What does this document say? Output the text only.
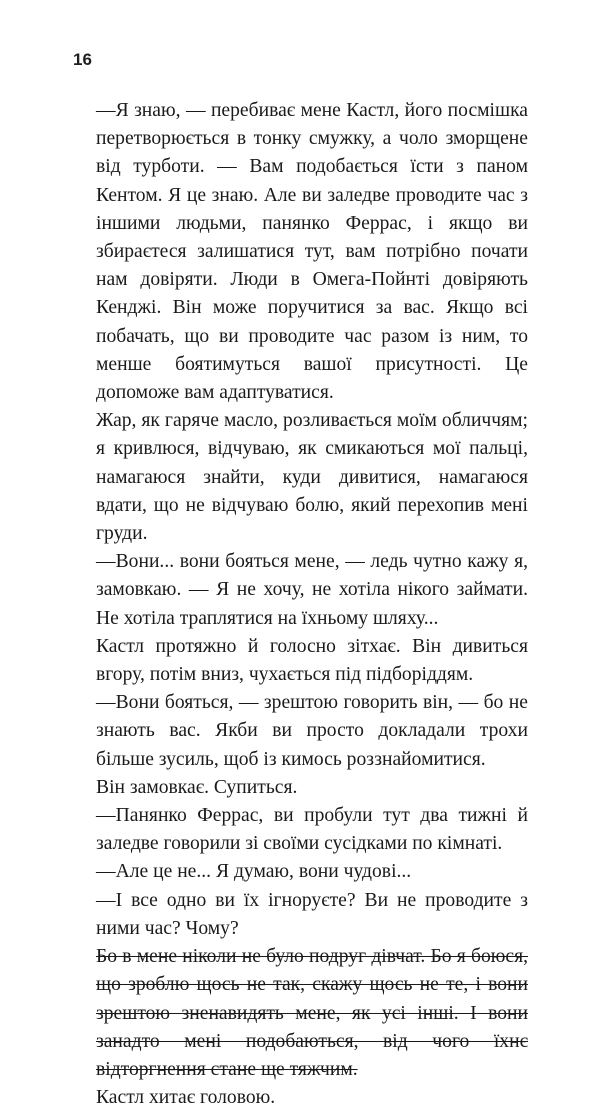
16

—Я знаю, — перебиває мене Кастл, його посмішка перетворюється в тонку смужку, а чоло зморщене від турботи. — Вам подобається їсти з паном Кентом. Я це знаю. Але ви заледве проводите час з іншими людьми, панянко Феррас, і якщо ви збираєтеся залишатися тут, вам потрібно почати нам довіряти. Люди в Омега-Пойнті довіряють Кенджі. Він може поручитися за вас. Якщо всі побачать, що ви проводите час разом із ним, то менше боятимуться вашої присутності. Це допоможе вам адаптуватися.

Жар, як гаряче масло, розливається моїм обличчям; я кривлюся, відчуваю, як смикаються мої пальці, намагаюся знайти, куди дивитися, намагаюся вдати, що не відчуваю болю, який перехопив мені груди.

—Вони... вони бояться мене, — ледь чутно кажу я, замовкаю. — Я не хочу, не хотіла нікого займати. Не хотіла траплятися на їхньому шляху...

Кастл протяжно й голосно зітхає. Він дивиться вгору, потім вниз, чухається під підборіддям.

—Вони бояться, — зрештою говорить він, — бо не знають вас. Якби ви просто докладали трохи більше зусиль, щоб із кимось роззнайомитися.

Він замовкає. Супиться.

—Панянко Феррас, ви пробули тут два тижні й заледве говорили зі своїми сусідками по кімнаті.

—Але це не... Я думаю, вони чудові...

—І все одно ви їх ігноруєте? Ви не проводите з ними час? Чому?

Бо в мене ніколи не було подруг дівчат. Бо я боюся, що зроблю щось не так, скажу щось не те, і вони зрештою зненавидять мене, як усі інші. І вони занадто мені подобаються, від чого їхнє відторгнення стане ще тяжчим.

Кастл хитає головою.
